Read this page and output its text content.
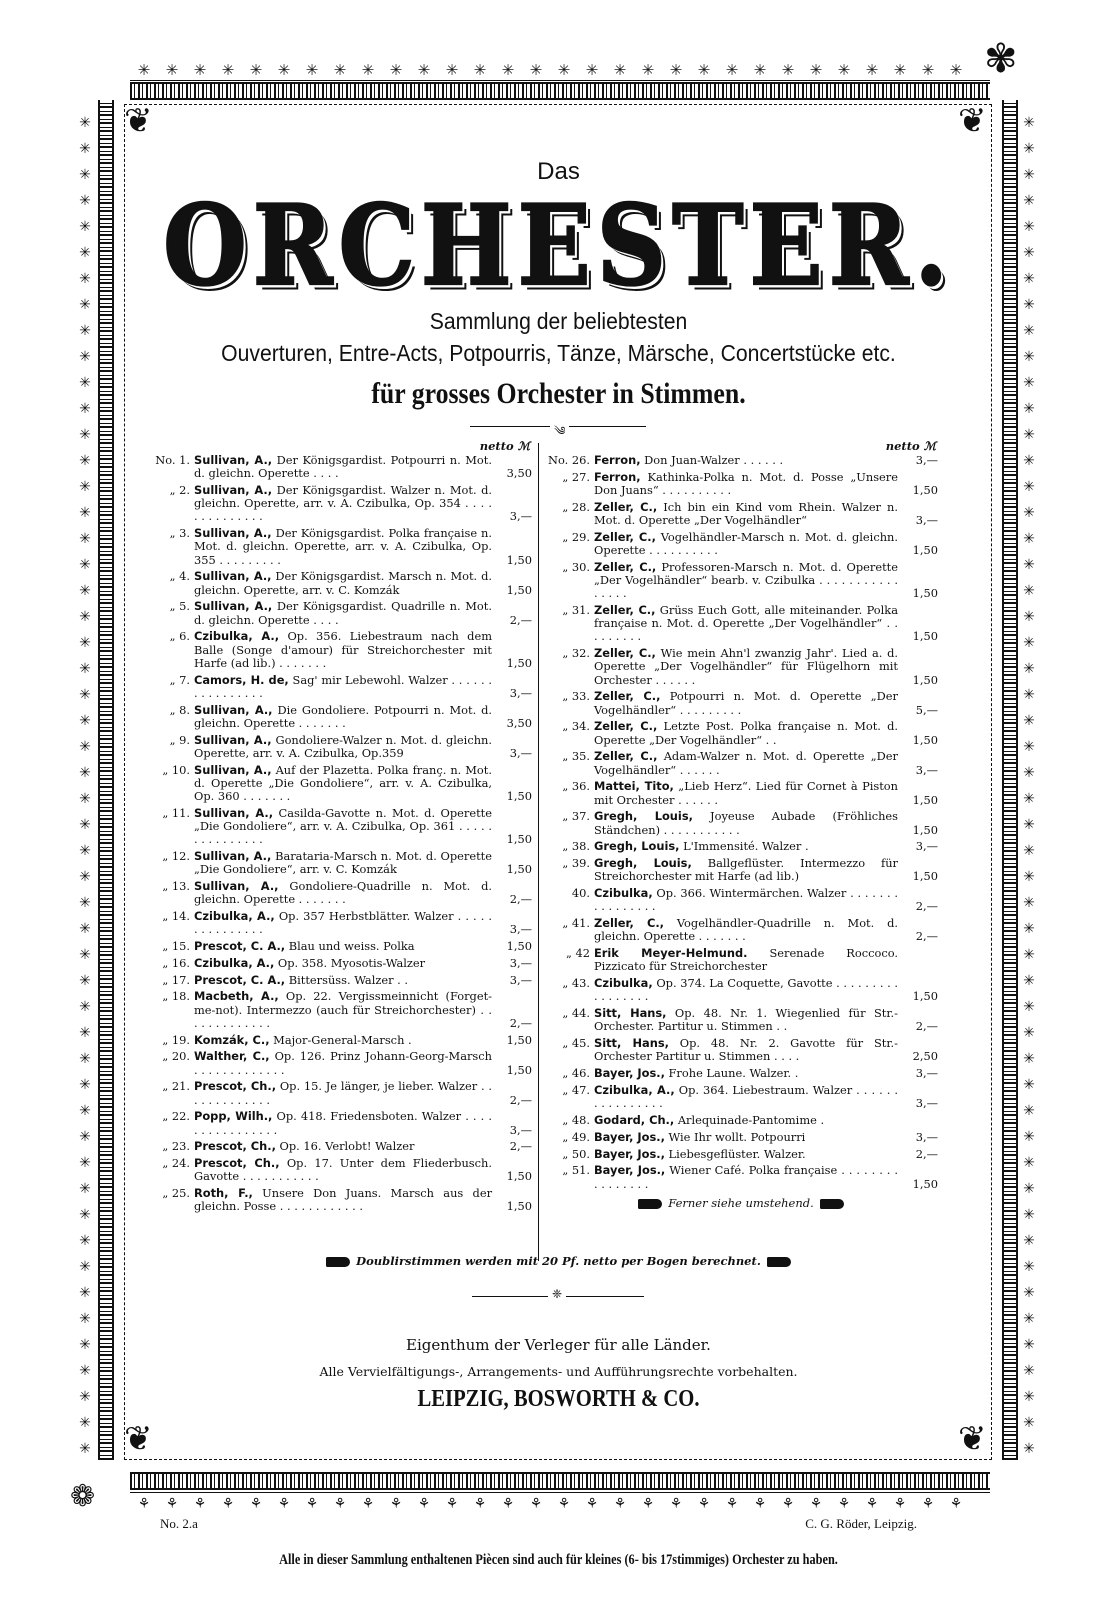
✳ ✳ ✳ ✳ ✳ ✳ ✳ ✳ ✳ ✳ ✳ ✳ ✳ ✳ ✳ ✳ ✳ ✳ ✳ ✳ ✳ ✳ ✳ ✳ ✳ ✳ ✳ ✳ ✳ ✳
✳
✳
✳
✳
✳
✳
✳
✳
✳
✳
✳
✳
✳
✳
✳
✳
✳
✳
✳
✳
✳
✳
✳
✳
✳
✳
✳
✳
✳
✳
✳
✳
✳
✳
✳
✳
✳
✳
✳
✳
✳
✳
✳
✳
✳
✳
✳
✳
✳
✳
✳
✳
✳
✳
✳
✳
✳
✳
✳
✳
✳
✳
✳
✳
✳
✳
✳
✳
✳
✳
✳
✳
✳
✳
✳
✳
✳
✳
✳
✳
✳
✳
✳
✳
✳
✳
✳
✳
✳
✳
✳
✳
✳
✳
✳
✳
✳
✳
✳
✳
✳
✳
✳
✳
⚘ ⚘ ⚘ ⚘ ⚘ ⚘ ⚘ ⚘ ⚘ ⚘ ⚘ ⚘ ⚘ ⚘ ⚘ ⚘ ⚘ ⚘ ⚘ ⚘ ⚘ ⚘ ⚘ ⚘ ⚘ ⚘ ⚘ ⚘ ⚘ ⚘
❦	❦
❦	❦
✾
❁
Das
ORCHESTER.
Sammlung der beliebtesten
Ouverturen, Entre-Acts, Potpourris, Tänze, Märsche, Concertstücke etc.
für grosses Orchester in Stimmen.
༄
netto ℳ
No. 1. Sullivan, A., Der Königsgardist. Potpourri n. Mot. d. gleichn. Operette . . . .	3,50
„ 2. Sullivan, A., Der Königsgardist. Walzer n. Mot. d. gleichn. Operette, arr. v. A. Czibulka, Op. 354 . . . . . . . . . . . . . .	3,—
„ 3. Sullivan, A., Der Königsgardist. Polka française n. Mot. d. gleichn. Operette, arr. v. A. Czibulka, Op. 355 . . . . . . . . .	1,50
„ 4. Sullivan, A., Der Königsgardist. Marsch n. Mot. d. gleichn. Operette, arr. v. C. Komzák	1,50
„ 5. Sullivan, A., Der Königsgardist. Quadrille n. Mot. d. gleichn. Operette . . . .	2,—
„ 6. Czibulka, A., Op. 356. Liebestraum nach dem Balle (Songe d'amour) für Streichorchester mit Harfe (ad lib.) . . . . . . .	1,50
„ 7. Camors, H. de, Sag' mir Lebewohl. Walzer . . . . . . . . . . . . . . . .	3,—
„ 8. Sullivan, A., Die Gondoliere. Potpourri n. Mot. d. gleichn. Operette . . . . . . .	3,50
„ 9. Sullivan, A., Gondoliere-Walzer n. Mot. d. gleichn. Operette, arr. v. A. Czibulka, Op.359	3,—
„ 10. Sullivan, A., Auf der Plazetta. Polka franç. n. Mot. d. Operette „Die Gondoliere“, arr. v. A. Czibulka, Op. 360 . . . . . . .	1,50
„ 11. Sullivan, A., Casilda-Gavotte n. Mot. d. Operette „Die Gondoliere“, arr. v. A. Czibulka, Op. 361 . . . . . . . . . . . . . . .	1,50
„ 12. Sullivan, A., Barataria-Marsch n. Mot. d. Operette „Die Gondoliere“, arr. v. C. Komzák	1,50
„ 13. Sullivan, A., Gondoliere-Quadrille n. Mot. d. gleichn. Operette . . . . . . .	2,—
„ 14. Czibulka, A., Op. 357 Herbstblätter. Walzer . . . . . . . . . . . . . . .	3,—
„ 15. Prescot, C. A., Blau und weiss. Polka	1,50
„ 16. Czibulka, A., Op. 358. Myosotis-Walzer	3,—
„ 17. Prescot, C. A., Bittersüss. Walzer . .	3,—
„ 18. Macbeth, A., Op. 22. Vergissmeinnicht (Forget-me-not). Intermezzo (auch für Streichorchester) . . . . . . . . . . . . .	2,—
„ 19. Komzák, C., Major-General-Marsch .	1,50
„ 20. Walther, C., Op. 126. Prinz Johann-Georg-Marsch . . . . . . . . . . . . .	1,50
„ 21. Prescot, Ch., Op. 15. Je länger, je lieber. Walzer . . . . . . . . . . . . .	2,—
„ 22. Popp, Wilh., Op. 418. Friedensboten. Walzer . . . . . . . . . . . . . . . .	3,—
„ 23. Prescot, Ch., Op. 16. Verlobt! Walzer	2,—
„ 24. Prescot, Ch., Op. 17. Unter dem Fliederbusch. Gavotte . . . . . . . . . . .	1,50
„ 25. Roth, F., Unsere Don Juans. Marsch aus der gleichn. Posse . . . . . . . . . . . .	1,50
netto ℳ
No. 26. Ferron, Don Juan-Walzer . . . . . .	3,—
„ 27. Ferron, Kathinka-Polka n. Mot. d. Posse „Unsere Don Juans“ . . . . . . . . . .	1,50
„ 28. Zeller, C., Ich bin ein Kind vom Rhein. Walzer n. Mot. d. Operette „Der Vogelhändler“	3,—
„ 29. Zeller, C., Vogelhändler-Marsch n. Mot. d. gleichn. Operette . . . . . . . . . .	1,50
„ 30. Zeller, C., Professoren-Marsch n. Mot. d. Operette „Der Vogelhändler“ bearb. v. Czibulka . . . . . . . . . . . . . . . .	1,50
„ 31. Zeller, C., Grüss Euch Gott, alle miteinander. Polka française n. Mot. d. Operette „Der Vogelhändler“ . . . . . . . . .	1,50
„ 32. Zeller, C., Wie mein Ahn'l zwanzig Jahr'. Lied a. d. Operette „Der Vogelhändler“ für Flügelhorn mit Orchester . . . . . .	1,50
„ 33. Zeller, C., Potpourri n. Mot. d. Operette „Der Vogelhändler“ . . . . . . . . .	5,—
„ 34. Zeller, C., Letzte Post. Polka française n. Mot. d. Operette „Der Vogelhändler“ . .	1,50
„ 35. Zeller, C., Adam-Walzer n. Mot. d. Operette „Der Vogelhändler“ . . . . . .	3,—
„ 36. Mattei, Tito, „Lieb Herz“. Lied für Cornet à Piston mit Orchester . . . . . .	1,50
„ 37. Gregh, Louis, Joyeuse Aubade (Fröhliches Ständchen) . . . . . . . . . . .	1,50
„ 38. Gregh, Louis, L'Immensité. Walzer .	3,—
„ 39. Gregh, Louis, Ballgeflüster. Intermezzo für Streichorchester mit Harfe (ad lib.)	1,50
40. Czibulka, Op. 366. Wintermärchen. Walzer . . . . . . . . . . . . . . . .	2,—
„ 41. Zeller, C., Vogelhändler-Quadrille n. Mot. d. gleichn. Operette . . . . . . .	2,—
„ 42 Erik Meyer-Helmund. Serenade Roccoco. Pizzicato für Streichorchester
„ 43. Czibulka, Op. 374. La Coquette, Gavotte . . . . . . . . . . . . . . . . .	1,50
„ 44. Sitt, Hans, Op. 48. Nr. 1. Wiegenlied für Str.-Orchester. Partitur u. Stimmen . .	2,—
„ 45. Sitt, Hans, Op. 48. Nr. 2. Gavotte für Str.-Orchester Partitur u. Stimmen . . . .	2,50
„ 46. Bayer, Jos., Frohe Laune. Walzer. .	3,—
„ 47. Czibulka, A., Op. 364. Liebestraum. Walzer . . . . . . . . . . . . . . . .	3,—
„ 48. Godard, Ch., Arlequinade-Pantomime .
„ 49. Bayer, Jos., Wie Ihr wollt. Potpourri	3,—
„ 50. Bayer, Jos., Liebesgeflüster. Walzer.	2,—
„ 51. Bayer, Jos., Wiener Café. Polka française . . . . . . . . . . . . . . . .	1,50
Ferner siehe umstehend.
Doublirstimmen werden mit 20 Pf. netto per Bogen berechnet.
❈
Eigenthum der Verleger für alle Länder.
Alle Vervielfältigungs-, Arrangements- und Aufführungsrechte vorbehalten.
LEIPZIG, BOSWORTH & CO.
No. 2.a	C. G. Röder, Leipzig.
Alle in dieser Sammlung enthaltenen Piècen sind auch für kleines (6- bis 17stimmiges) Orchester zu haben.
